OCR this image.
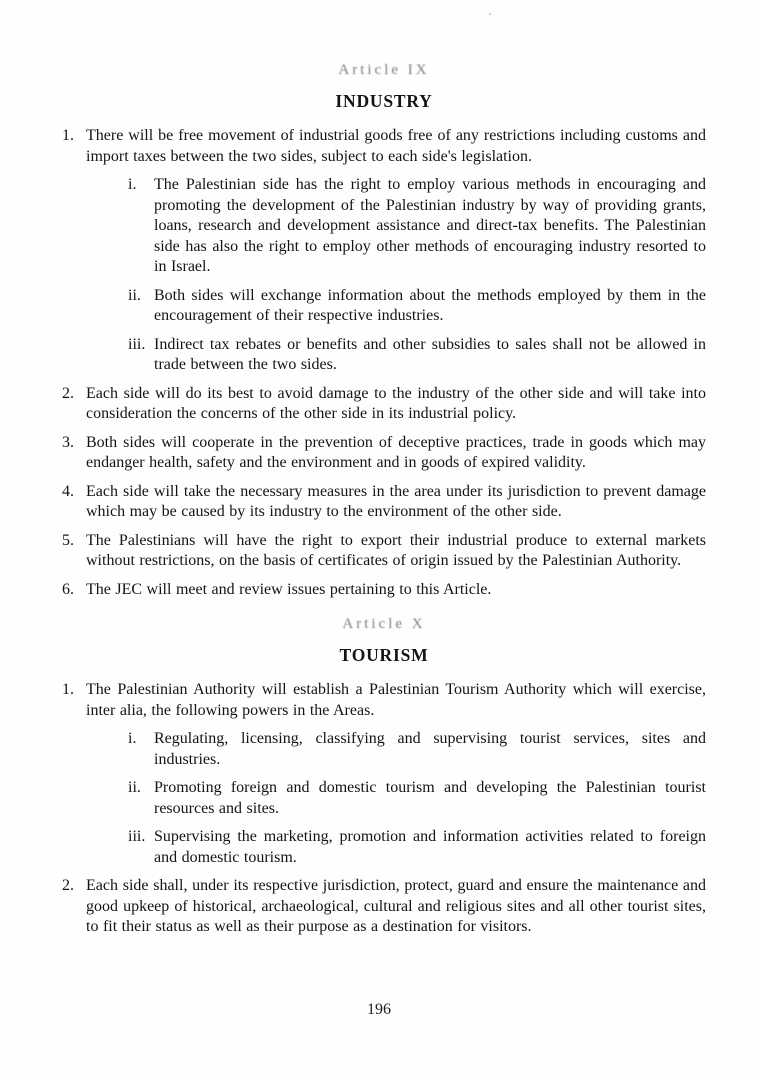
Article IX
INDUSTRY
1. There will be free movement of industrial goods free of any restrictions including customs and import taxes between the two sides, subject to each side's legislation.
i.	The Palestinian side has the right to employ various methods in encouraging and promoting the development of the Palestinian industry by way of providing grants, loans, research and development assistance and direct-tax benefits. The Palestinian side has also the right to employ other methods of encouraging industry resorted to in Israel.
ii. Both sides will exchange information about the methods employed by them in the encouragement of their respective industries.
iii. Indirect tax rebates or benefits and other subsidies to sales shall not be allowed in trade between the two sides.
2. Each side will do its best to avoid damage to the industry of the other side and will take into consideration the concerns of the other side in its industrial policy.
3. Both sides will cooperate in the prevention of deceptive practices, trade in goods which may endanger health, safety and the environment and in goods of expired validity.
4. Each side will take the necessary measures in the area under its jurisdiction to prevent damage which may be caused by its industry to the environment of the other side.
5. The Palestinians will have the right to export their industrial produce to external markets without restrictions, on the basis of certificates of origin issued by the Palestinian Authority.
6. The JEC will meet and review issues pertaining to this Article.
Article X
TOURISM
1. The Palestinian Authority will establish a Palestinian Tourism Authority which will exercise, inter alia, the following powers in the Areas.
i.	Regulating, licensing, classifying and supervising tourist services, sites and industries.
ii. Promoting foreign and domestic tourism and developing the Palestinian tourist resources and sites.
iii. Supervising the marketing, promotion and information activities related to foreign and domestic tourism.
2. Each side shall, under its respective jurisdiction, protect, guard and ensure the maintenance and good upkeep of historical, archaeological, cultural and religious sites and all other tourist sites, to fit their status as well as their purpose as a destination for visitors.
196
